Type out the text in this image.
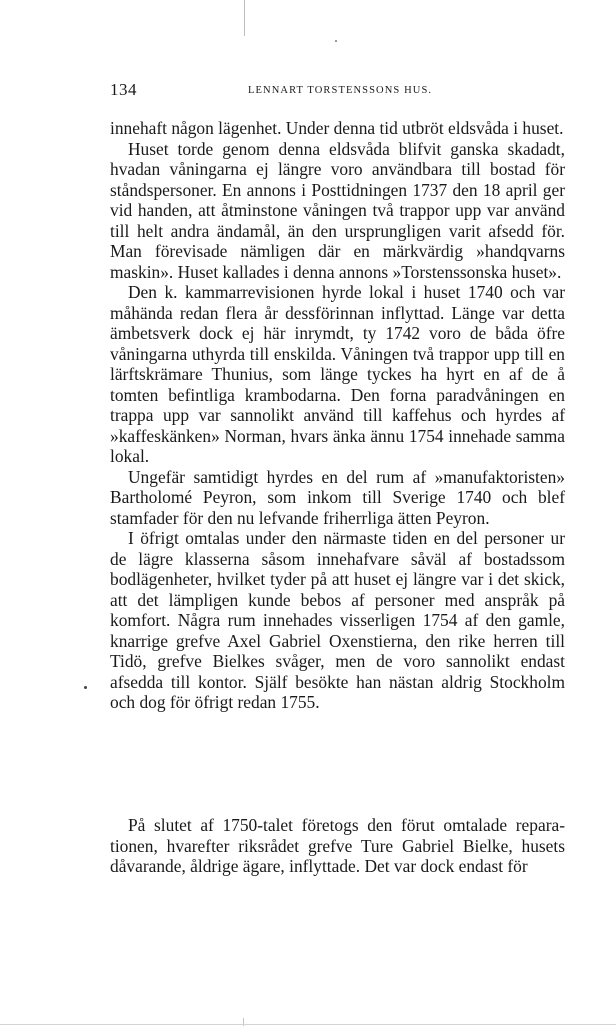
134	LENNART TORSTENSSONS HUS.

innehaft någon lägenhet. Under denna tid utbröt eldsvåda i huset.

Huset torde genom denna eldsvåda blifvit ganska skadadt, hvadan våningarna ej längre voro användbara till bostad för ståndspersoner. En annons i Posttidningen 1737 den 18 april ger vid handen, att åtminstone våningen två trappor upp var använd till helt andra ändamål, än den ursprungligen varit afsedd för. Man förevisade nämligen där en märkvärdig »handqvarns maskin». Huset kallades i denna annons »Torstenssonska huset».

Den k. kammarrevisionen hyrde lokal i huset 1740 och var måhända redan flera år dessförinnan inflyttad. Länge var detta ämbetsverk dock ej här inrymdt, ty 1742 voro de båda öfre våningarna uthyrda till enskilda. Våningen två trappor upp till en lärftskrämare Thunius, som länge tyckes ha hyrt en af de å tomten befintliga krambodarna. Den forna paradvåningen en trappa upp var sannolikt använd till kaffehus och hyrdes af »kaffeskänken» Norman, hvars änka ännu 1754 innehade samma lokal.

Ungefär samtidigt hyrdes en del rum af »manufaktoristen» Bartholomé Peyron, som inkom till Sverige 1740 och blef stamfader för den nu lefvande friherrliga ätten Peyron.

I öfrigt omtalas under den närmaste tiden en del personer ur de lägre klasserna såsom innehafvare såväl af bostadssom bodlägenheter, hvilket tyder på att huset ej längre var i det skick, att det lämpligen kunde bebos af personer med anspråk på komfort. Några rum innehades visserligen 1754 af den gamle, knarrige grefve Axel Gabriel Oxenstierna, den rike herren till Tidö, grefve Bielkes svåger, men de voro sannolikt endast afsedda till kontor. Själf besökte han nästan aldrig Stockholm och dog för öfrigt redan 1755.

På slutet af 1750-talet företogs den förut omtalade reparationen, hvarefter riksrådet grefve Ture Gabriel Bielke, husets dåvarande, åldrige ägare, inflyttade. Det var dock endast för
